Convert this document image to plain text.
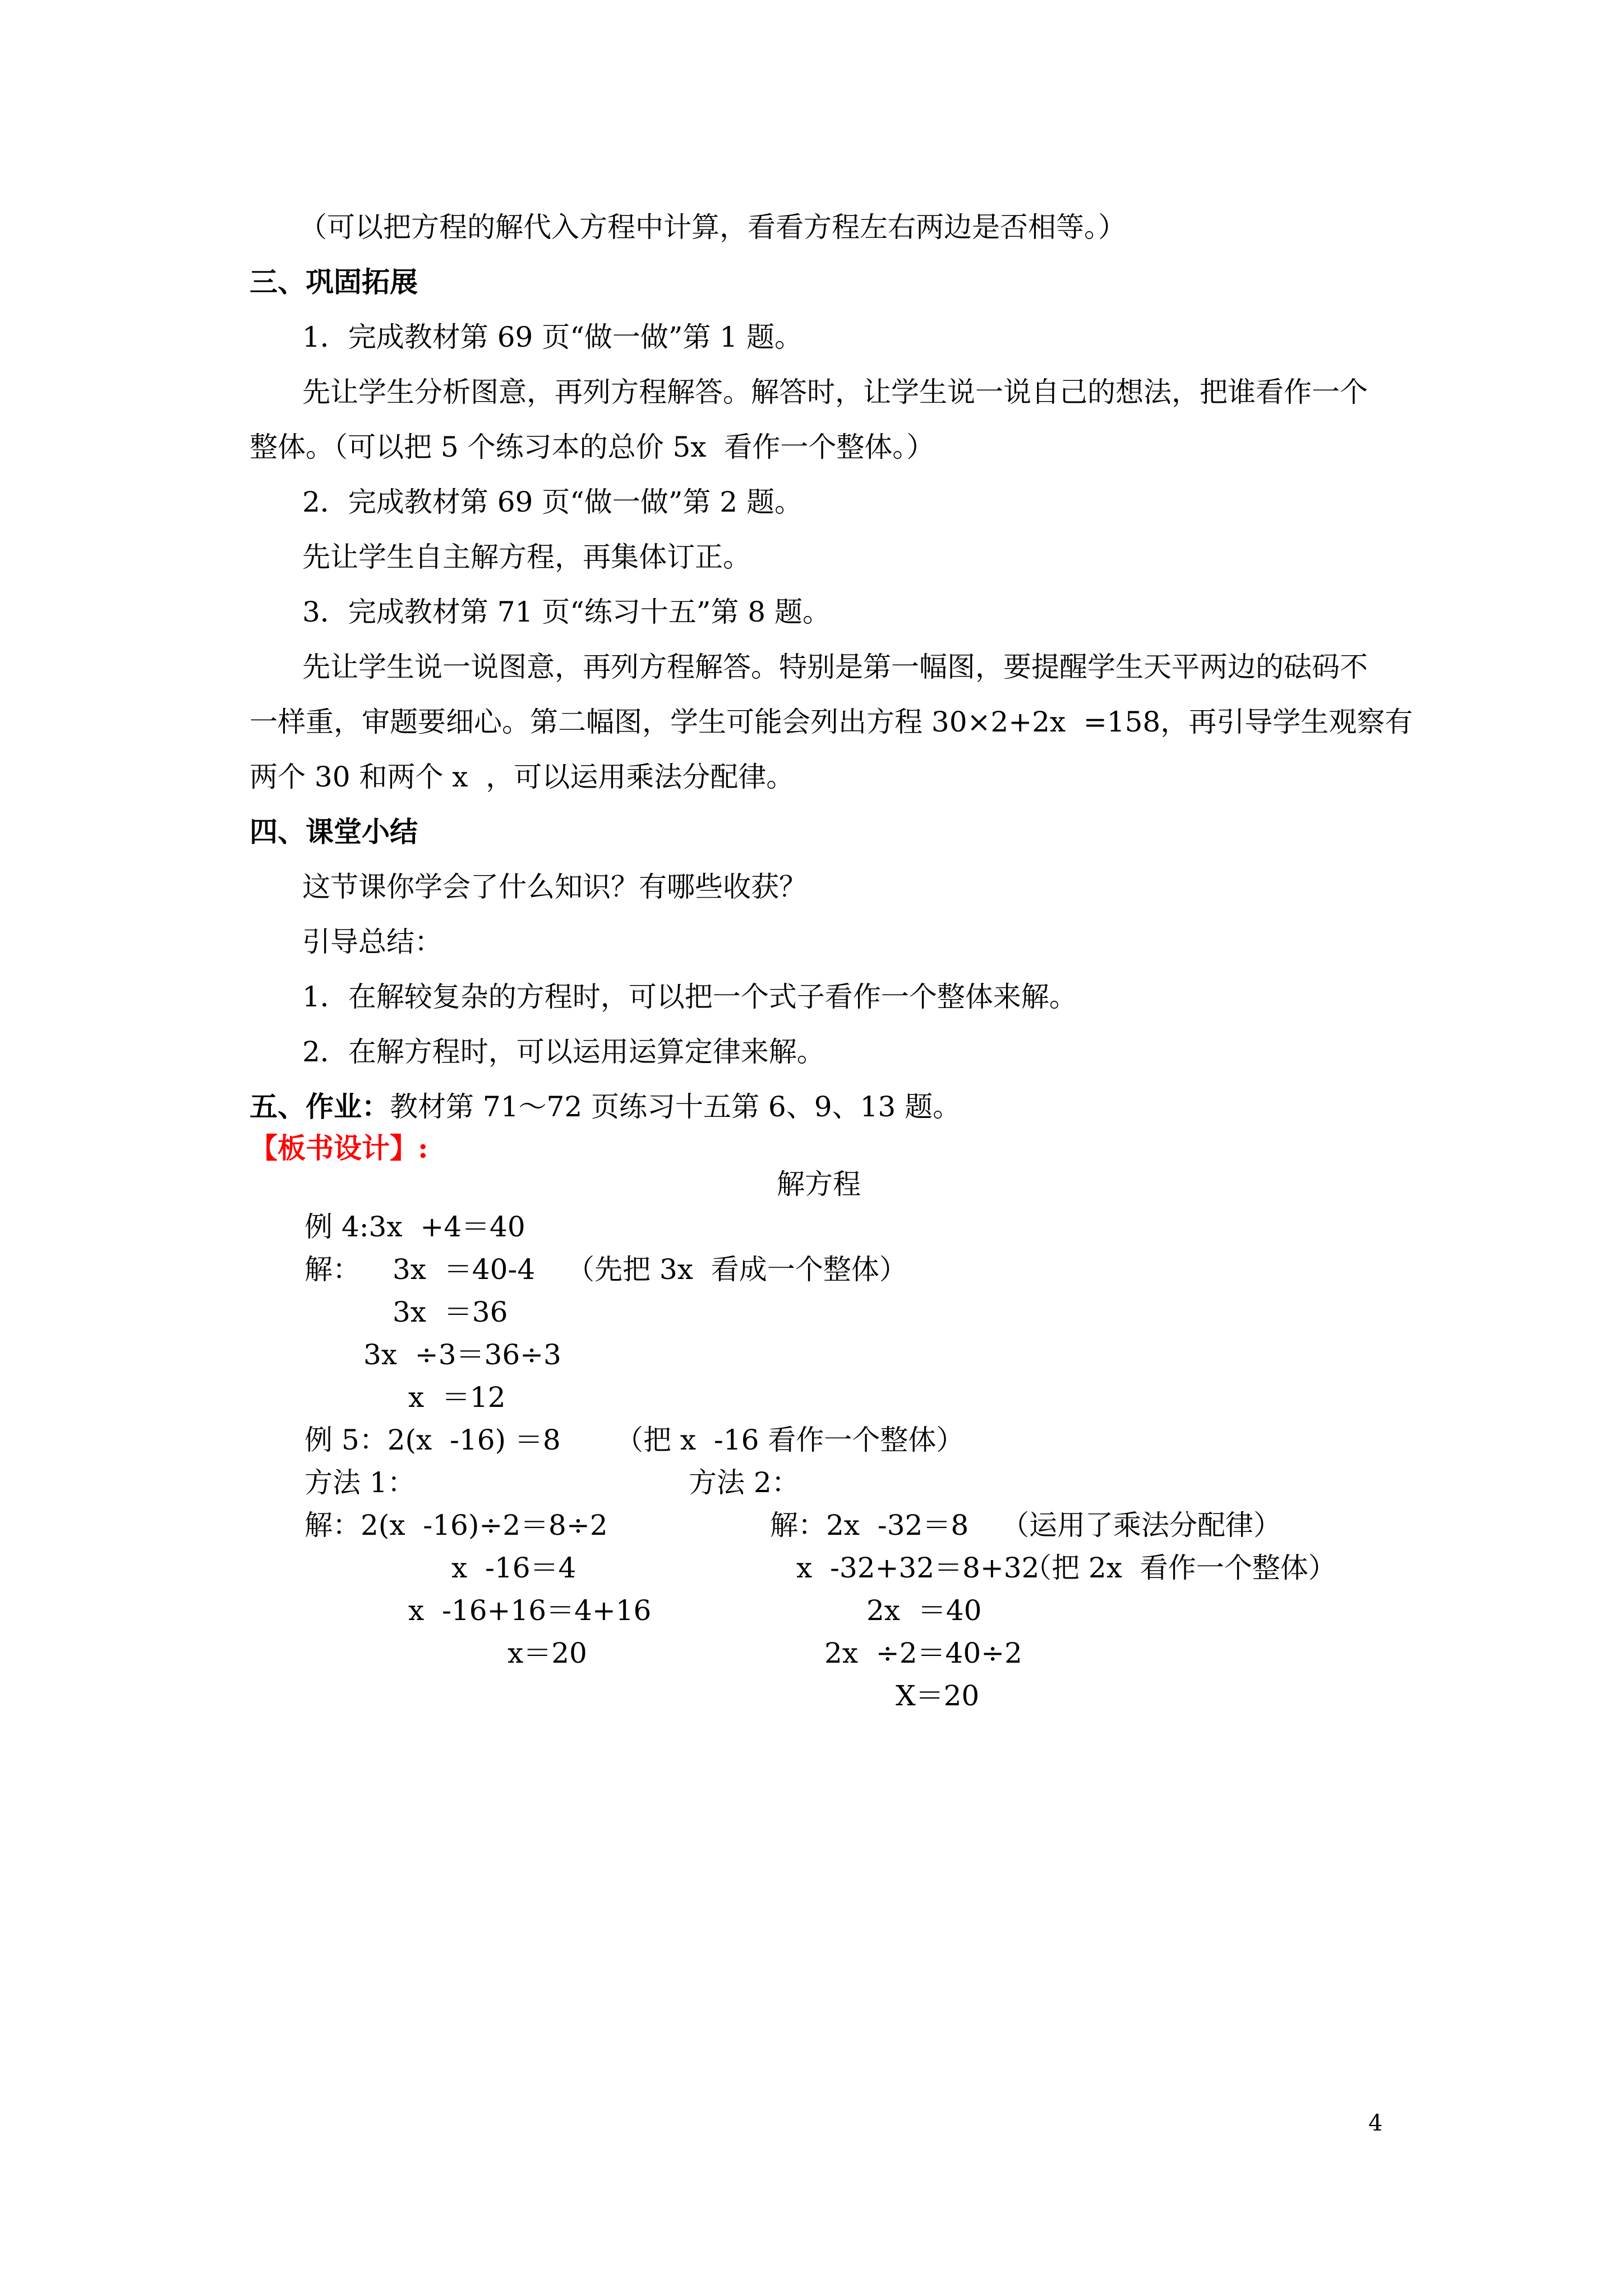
（可以把方程的解代入方程中计算，看看方程左右两边是否相等。）
三、巩固拓展
1．完成教材第 69 页“做一做”第 1 题。
先让学生分析图意，再列方程解答。解答时，让学生说一说自己的想法，把谁看作一个
整体。（可以把 5 个练习本的总价 5x  看作一个整体。）
2．完成教材第 69 页“做一做”第 2 题。
先让学生自主解方程，再集体订正。
3．完成教材第 71 页“练习十五”第 8 题。
先让学生说一说图意，再列方程解答。特别是第一幅图，要提醒学生天平两边的砝码不
一样重，审题要细心。第二幅图，学生可能会列出方程 30×2+2x  =158，再引导学生观察有
两个 30 和两个 x  ，可以运用乘法分配律。
四、课堂小结
这节课你学会了什么知识？有哪些收获？
引导总结：
1．在解较复杂的方程时，可以把一个式子看作一个整体来解。
2．在解方程时，可以运用运算定律来解。
五、作业：教材第 71～72 页练习十五第 6、9、13 题。
【板书设计】:
解方程
例 4:3x  +4＝40
解： 3x  ＝40-4 （先把 3x  看成一个整体）
3x  ＝36
3x  ÷3＝36÷3
x  ＝12
例 5：2(x  -16) ＝8 （把 x  -16 看作一个整体）
方法 1：	方法 2：
解：2(x  -16)÷2＝8÷2
x  -16＝4
x  -16+16＝4+16
x＝20
解：2x  -32＝8 （运用了乘法分配律）
x  -32+32＝8+32
（把 2x  看作一个整体）
2x  ＝40
2x  ÷2＝40÷2
X＝20
4
